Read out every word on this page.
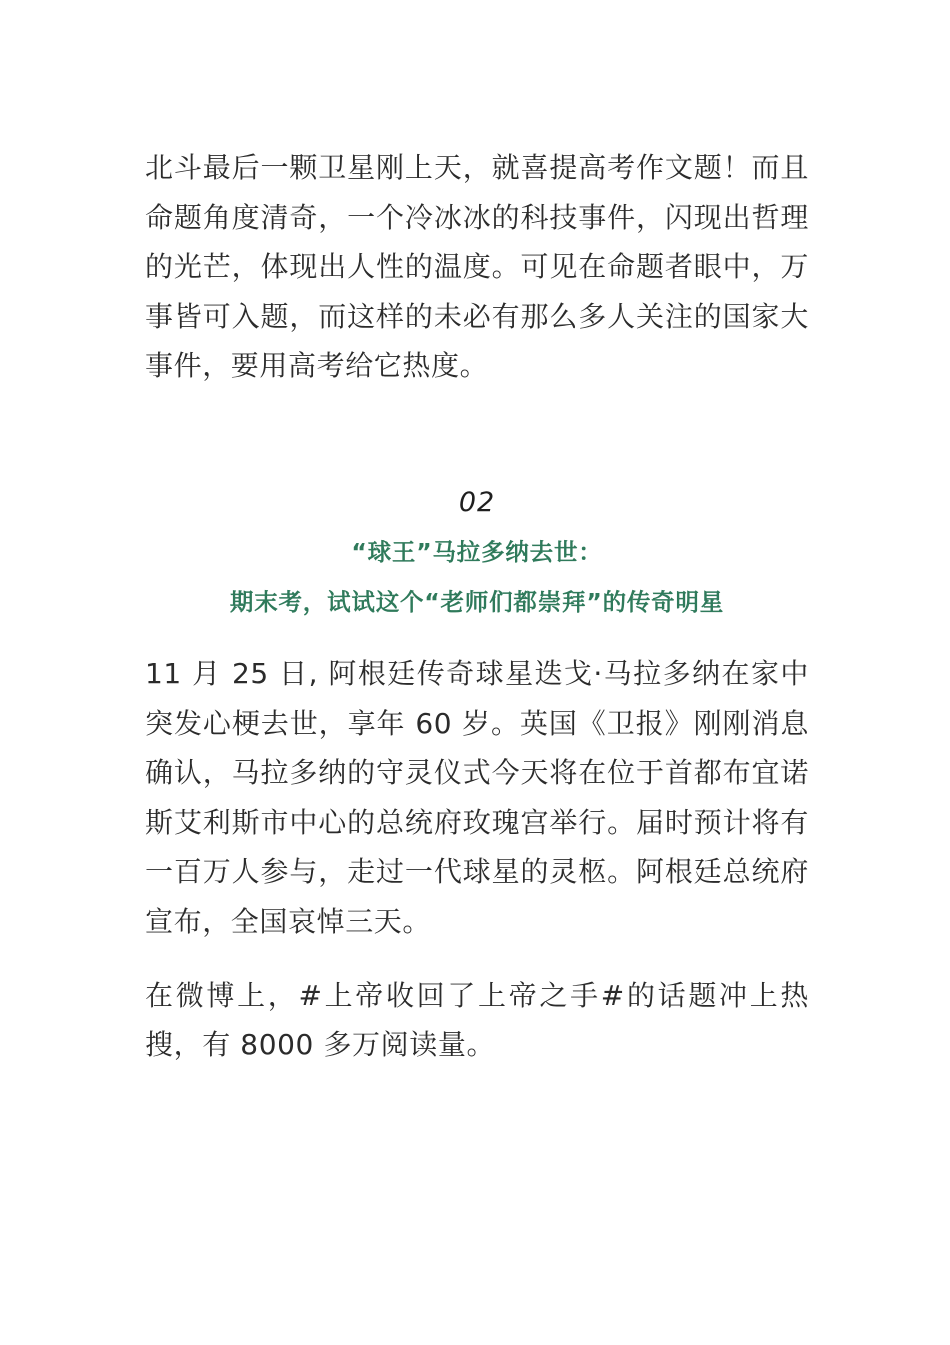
北斗最后一颗卫星刚上天，就喜提高考作文题！而且命题角度清奇，一个冷冰冰的科技事件，闪现出哲理的光芒，体现出人性的温度。可见在命题者眼中，万事皆可入题，而这样的未必有那么多人关注的国家大事件，要用高考给它热度。

02

“球王”马拉多纳去世：

期末考，试试这个“老师们都崇拜”的传奇明星

11 月 25 日, 阿根廷传奇球星迭戈·马拉多纳在家中突发心梗去世，享年 60 岁。英国《卫报》刚刚消息确认，马拉多纳的守灵仪式今天将在位于首都布宜诺斯艾利斯市中心的总统府玫瑰宫举行。届时预计将有一百万人参与，走过一代球星的灵柩。阿根廷总统府宣布，全国哀悼三天。

在微博上，#上帝收回了上帝之手#的话题冲上热搜，有 8000 多万阅读量。
